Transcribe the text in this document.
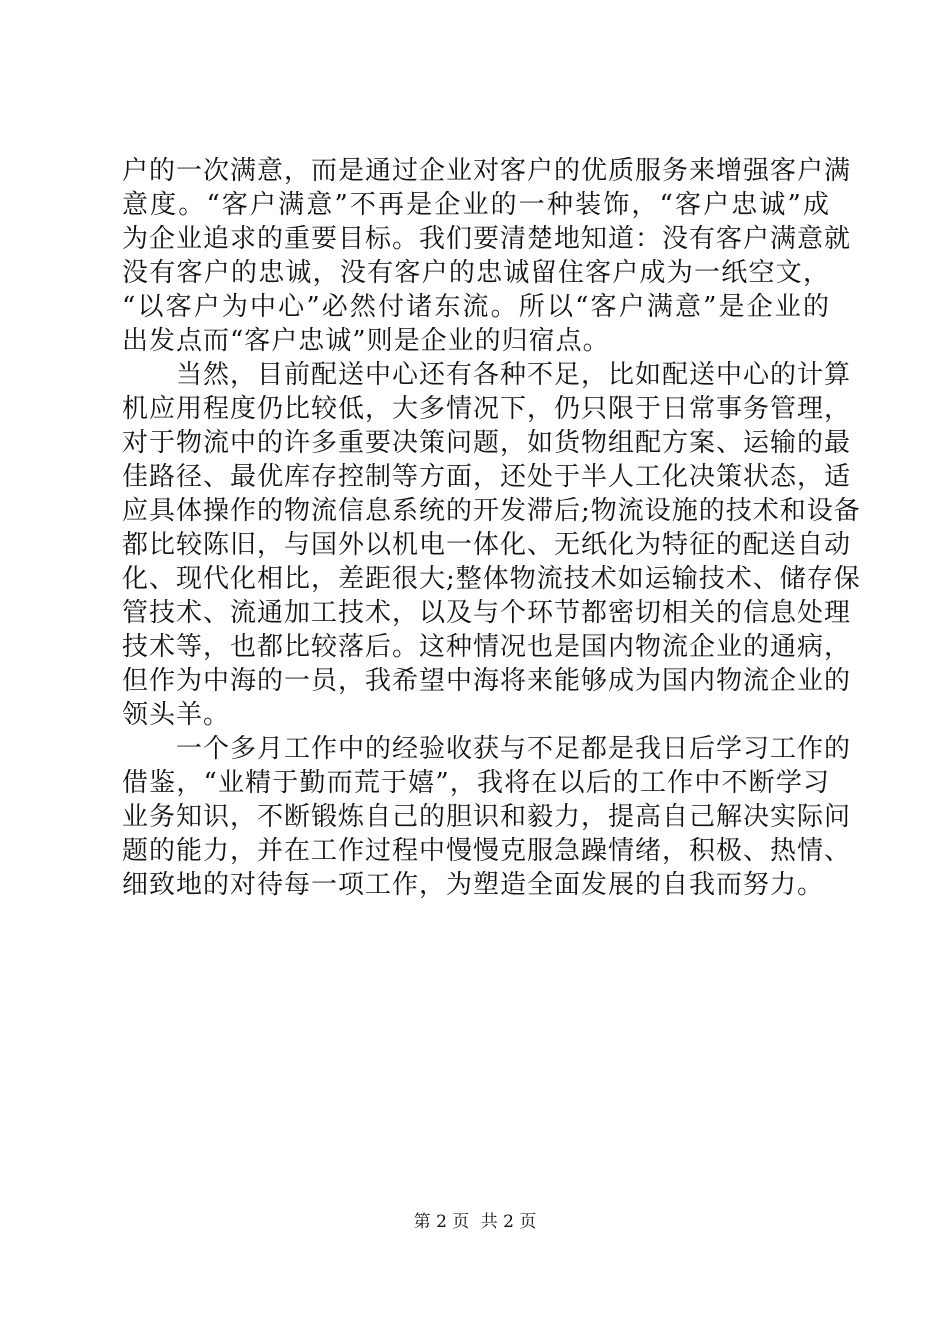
户的一次满意，而是通过企业对客户的优质服务来增强客户满
意度。“客户满意”不再是企业的一种装饰，“客户忠诚”成
为企业追求的重要目标。我们要清楚地知道：没有客户满意就
没有客户的忠诚，没有客户的忠诚留住客户成为一纸空文，
“以客户为中心”必然付诸东流。所以“客户满意”是企业的
出发点而“客户忠诚”则是企业的归宿点。
　　当然，目前配送中心还有各种不足，比如配送中心的计算
机应用程度仍比较低，大多情况下，仍只限于日常事务管理，
对于物流中的许多重要决策问题，如货物组配方案、运输的最
佳路径、最优库存控制等方面，还处于半人工化决策状态，适
应具体操作的物流信息系统的开发滞后;物流设施的技术和设备
都比较陈旧，与国外以机电一体化、无纸化为特征的配送自动
化、现代化相比，差距很大;整体物流技术如运输技术、储存保
管技术、流通加工技术，以及与个环节都密切相关的信息处理
技术等，也都比较落后。这种情况也是国内物流企业的通病，
但作为中海的一员，我希望中海将来能够成为国内物流企业的
领头羊。
　　一个多月工作中的经验收获与不足都是我日后学习工作的
借鉴，“业精于勤而荒于嬉”，我将在以后的工作中不断学习
业务知识，不断锻炼自己的胆识和毅力，提高自己解决实际问
题的能力，并在工作过程中慢慢克服急躁情绪，积极、热情、
细致地的对待每一项工作，为塑造全面发展的自我而努力。
第 2 页 共 2 页
